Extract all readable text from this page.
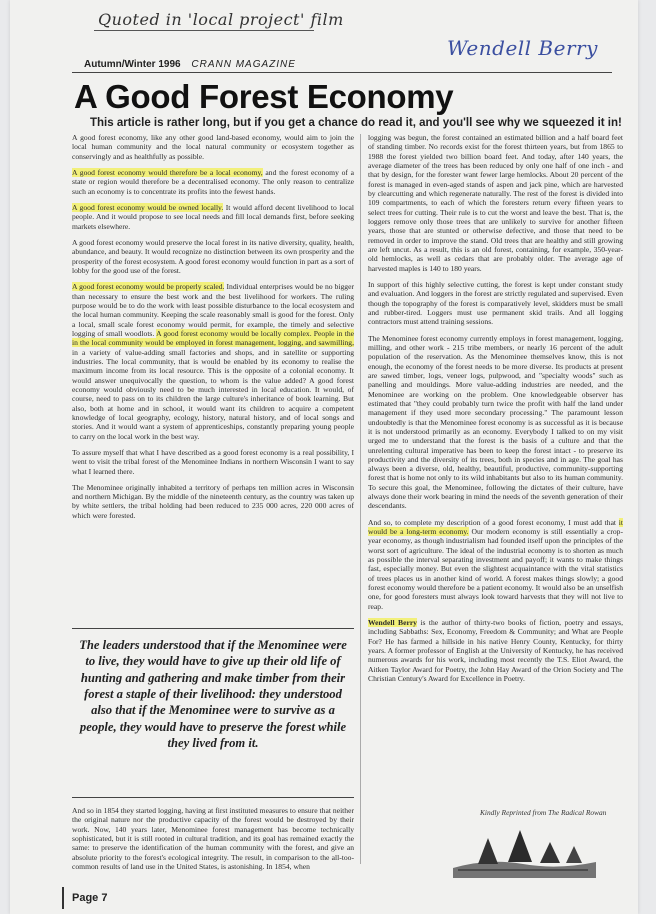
Quoted in 'local project' film
Wendell Berry
Autumn/Winter 1996 CRANN MAGAZINE
A Good Forest Economy
This article is rather long, but if you get a chance do read it, and you'll see why we squeezed it in!

A good forest economy, like any other good land-based economy, would aim to join the local human community and the local natural community or ecosystem together as conservingly and as healthfully as possible.

A good forest economy would therefore be a local economy, and the forest economy of a state or region would therefore be a decentralised economy. The only reason to centralize such an economy is to concentrate its profits into the fewest hands.

A good forest economy would be owned locally. It would afford decent livelihood to local people. And it would propose to see local needs and fill local demands first, before seeking markets elsewhere.

A good forest economy would preserve the local forest in its native diversity, quality, health, abundance, and beauty. It would recognize no distinction between its own prosperity and the prosperity of the forest ecosystem. A good forest economy would function in part as a sort of lobby for the good use of the forest.

A good forest economy would be properly scaled. Individual enterprises would be no bigger than necessary to ensure the best work and the best livelihood for workers. The ruling purpose would be to do the work with least possible disturbance to the local ecosystem and the local human community. Keeping the scale reasonably small is good for the forest. Only a local, small scale forest economy would permit, for example, the timely and selective logging of small woodlots. A good forest economy would be locally complex. People in the in the local community would be employed in forest management, logging, and sawmilling, in a variety of value-adding small factories and shops, and in satellite or supporting industries. The local community, that is would be enabled by its economy to realise the maximum income from its local resource. This is the opposite of a colonial economy. It would answer unequivocally the question, to whom is the value added? A good forest economy would obviously need to be much interested in local education. It would, of course, need to pass on to its children the large culture's inheritance of book learning. But also, both at home and in school, it would want its children to acquire a competent knowledge of local geography, ecology, history, natural history, and of local songs and stories. And it would want a system of apprenticeships, constantly preparing young people to carry on the local work in the best way.

To assure myself that what I have described as a good forest economy is a real possibility, I went to visit the tribal forest of the Menominee Indians in northern Wisconsin I want to say what I learned there.

The Menominee originally inhabited a territory of perhaps ten million acres in Wisconsin and northern Michigan. By the middle of the nineteenth century, as the country was taken up by white settlers, the tribal holding had been reduced to 235 000 acres, 220 000 acres of which were forested.

The leaders understood that if the Menominee were to live, they would have to give up their old life of hunting and gathering and make timber from their forest a staple of their livelihood: they understood also that if the Menominee were to survive as a people, they would have to preserve the forest while they lived from it.

And so in 1854 they started logging, having at first instituted measures to ensure that neither the original nature nor the productive capacity of the forest would be destroyed by their work. Now, 140 years later, Menominee forest management has become technically sophisticated, but it is still rooted in cultural tradition, and its goal has remained exactly the same: to preserve the identification of the human community with the forest, and give an absolute priority to the forest's ecological integrity. The result, in comparison to the all-too-common results of land use in the United States, is astonishing. In 1854, when

logging was begun, the forest contained an estimated billion and a half board feet of standing timber. No records exist for the forest thirteen years, but from 1865 to 1988 the forest yielded two billion board feet. And today, after 140 years, the average diameter of the trees has been reduced by only one half of one inch - and that by design, for the forester want fewer large hemlocks. About 20 percent of the forest is managed in even-aged stands of aspen and jack pine, which are harvested by clearcutting and which regenerate naturally. The rest of the forest is divided into 109 compartments, to each of which the foresters return every fifteen years to select trees for cutting. Their rule is to cut the worst and leave the best. That is, the loggers remove only those trees that are unlikely to survive for another fifteen years, those that are stunted or otherwise defective, and those that need to be removed in order to improve the stand. Old trees that are healthy and still growing are left uncut. As a result, this is an old forest, containing, for example, 350-year-old hemlocks, as well as cedars that are probably older. The average age of harvested maples is 140 to 180 years.

In support of this highly selective cutting, the forest is kept under constant study and evaluation. And loggers in the forest are strictly regulated and supervised. Even though the topography of the forest is comparatively level, skidders must be small and rubber-tired. Loggers must use permanent skid trails. And all logging contractors must attend training sessions.

The Menominee forest economy currently employs in forest management, logging, milling, and other work - 215 tribe members, or nearly 16 percent of the adult population of the reservation. As the Menominee themselves know, this is not enough, the economy of the forest needs to be more diverse. Its products at present are sawed timber, logs, veneer logs, pulpwood, and "specialty woods" such as panelling and mouldings. More value-adding industries are needed, and the Menominee are working on the problem. One knowledgeable observer has estimated that "they could probably turn twice the profit with half the land under management if they used more secondary processing." The paramount lesson undoubtedly is that the Menominee forest economy is as successful as it is because it is not understood primarily as an economy. Everybody I talked to on my visit urged me to understand that the forest is the basis of a culture and that the unrelenting cultural imperative has been to keep the forest intact - to preserve its productivity and the diversity of its trees, both in species and in age. The goal has always been a diverse, old, healthy, beautiful, productive, community-supporting forest that is home not only to its wild inhabitants but also to its human community. To secure this goal, the Menominee, following the dictates of their culture, have always done their work bearing in mind the needs of the seventh generation of their descendants.

And so, to complete my description of a good forest economy, I must add that it would be a long-term economy. Our modern economy is still essentially a crop-year economy, as though industrialism had founded itself upon the principles of the worst sort of agriculture. The ideal of the industrial economy is to shorten as much as possible the interval separating investment and payoff; it wants to make things fast, especially money. But even the slightest acquaintance with the vital statistics of trees places us in another kind of world. A forest makes things slowly; a good forest economy would therefore be a patient economy. It would also be an unselfish one, for good foresters must always look toward harvests that they will not live to reap.

Wendell Berry is the author of thirty-two books of fiction, poetry and essays, including Sabbaths: Sex, Economy, Freedom & Community; and What are People For? He has farmed a hillside in his native Henry County, Kentucky, for thirty years. A former professor of English at the University of Kentucky, he has received numerous awards for his work, including most recently the T.S. Eliot Award, the Aitken Taylor Award for Poetry, the John Hay Award of the Orion Society and The Christian Century's Award for Excellence in Poetry.

Kindly Reprinted from The Radical Rowan
Page 7
